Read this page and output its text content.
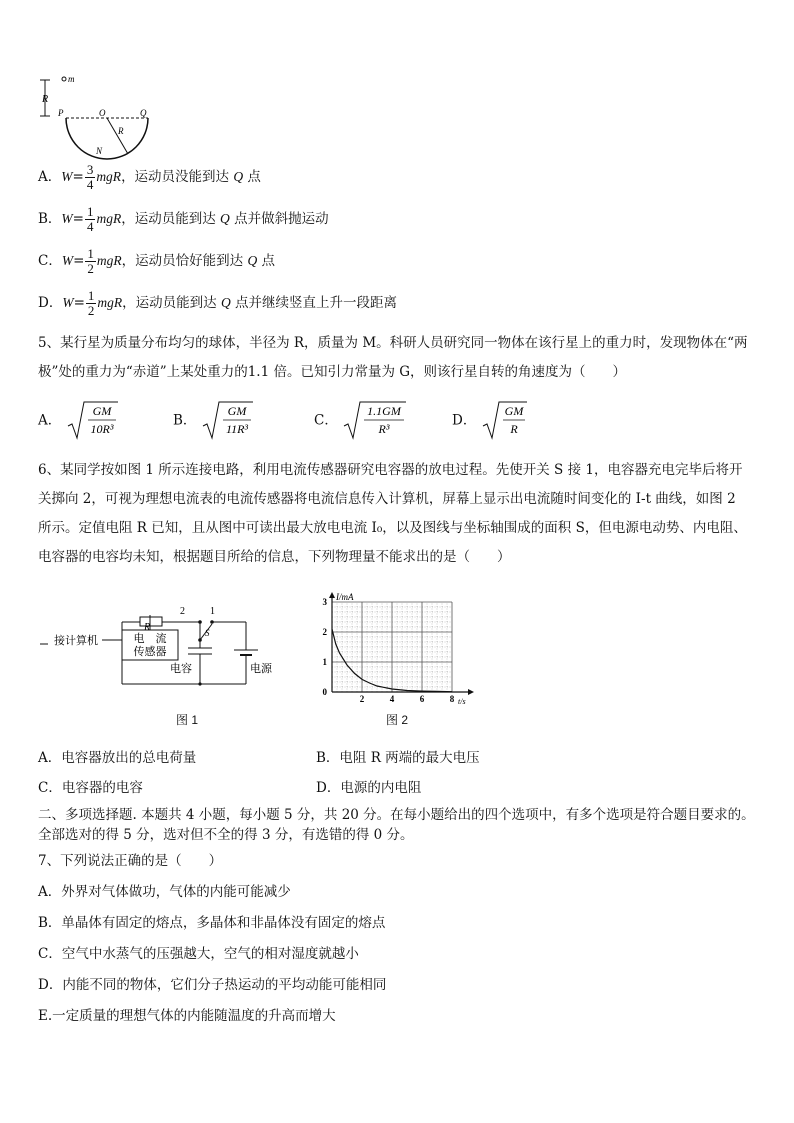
R
m
P	O	Q
R
N
A．$W= \frac{3}{4}$ mgR，运动员没能到达 Q 点
B．$W= \frac{1}{4}$ mgR，运动员能到达 Q 点并做斜抛运动
C．$W= \frac{1}{2}$ mgR，运动员恰好能到达 Q 点
D．$W= \frac{1}{2}$ mgR，运动员能到达 Q 点并继续竖直上升一段距离
5、某行星为质量分布均匀的球体，半径为 R，质量为 M。科研人员研究同一物体在该行星上的重力时，发现物体在“两
极”处的重力为“赤道”上某处重力的1.1 倍。已知引力常量为 G，则该行星自转的角速度为（　　）
A．
GM
10R³
B．
GM
11R³
C．
1.1GM
R³
D．
GM
R
6、某同学按如图 1 所示连接电路，利用电流传感器研究电容器的放电过程。先使开关 S 接 1，电容器充电完毕后将开
关掷向 2，可视为理想电流表的电流传感器将电流信息传入计算机，屏幕上显示出电流随时间变化的 I-t 曲线，如图 2
所示。定值电阻 R 已知，且从图中可读出最大放电电流 I₀，以及图线与坐标轴围成的面积 S，但电源电动势、内电阻、
电容器的电容均未知，根据题目所给的信息，下列物理量不能求出的是（　　）
接计算机	电　流
传感器
R
2	1
S
电源
电容
图 1
I/mA
t/s
2	4	6	8
0
1
2
3
图 2
A．电容器放出的总电荷量	B．电阻 R 两端的最大电压
C．电容器的电容	D．电源的内电阻
二、多项选择题. 本题共 4 小题，每小题 5 分，共 20 分。在每小题给出的四个选项中，有多个选项是符合题目要求的。
全部选对的得 5 分，选对但不全的得 3 分，有选错的得 0 分。
7、下列说法正确的是（　　）
A．外界对气体做功，气体的内能可能减少
B．单晶体有固定的熔点，多晶体和非晶体没有固定的熔点
C．空气中水蒸气的压强越大，空气的相对湿度就越小
D．内能不同的物体，它们分子热运动的平均动能可能相同
E.一定质量的理想气体的内能随温度的升高而增大
